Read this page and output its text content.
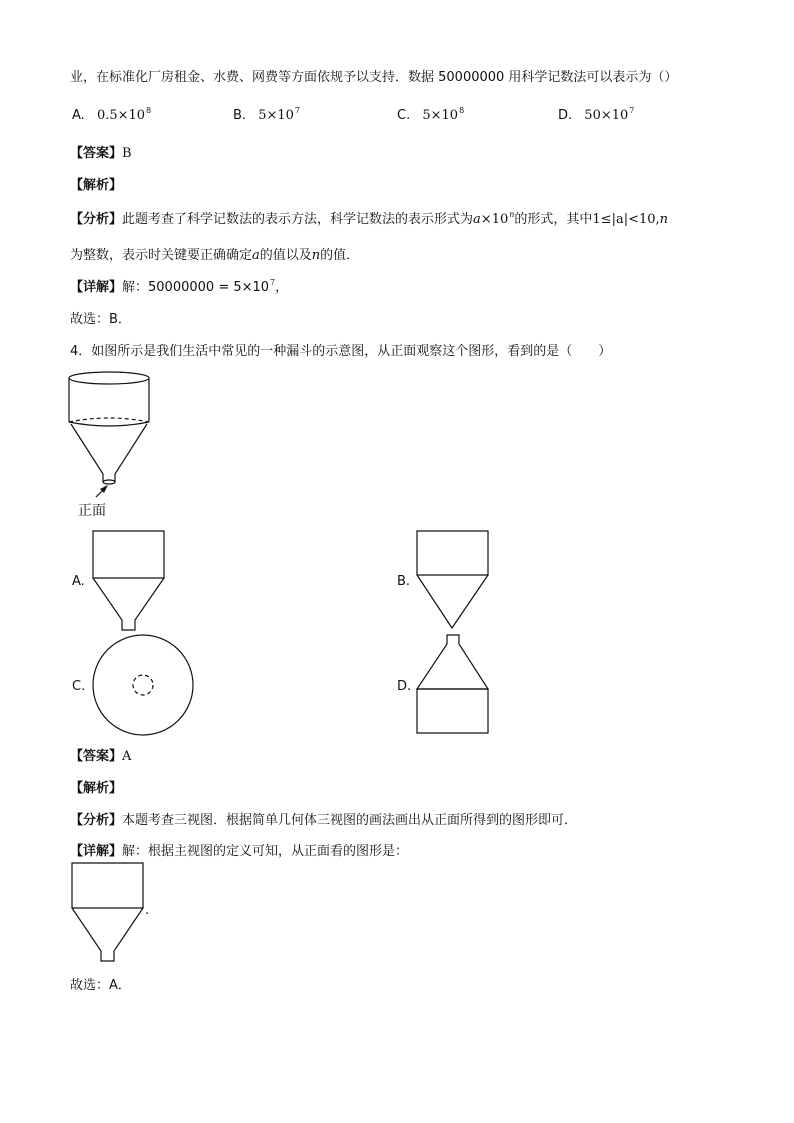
业，在标准化厂房租金、水费、网费等方面依规予以支持．数据 50000000 用科学记数法可以表示为（）
A. $0.5\times 10^8$	B. $5\times 10^7$	C. $5\times 10^8$	D. $50\times 10^7$
【答案】B
【解析】
【分析】此题考查了科学记数法的表示方法，科学记数法的表示形式为$a\times 10^n$的形式，其中1≤|a|<10,n
为整数，表示时关键要正确确定a的值以及n的值．
【详解】解：$50000000 = 5\times 10^7$，
故选：B．
4．如图所示是我们生活中常见的一种漏斗的示意图，从正面观察这个图形，看到的是（　　）
正面
A.	B.
C.	D.
【答案】A
【解析】
【分析】本题考查三视图．根据简单几何体三视图的画法画出从正面所得到的图形即可．
【详解】解：根据主视图的定义可知，从正面看的图形是：
.
故选：A．
